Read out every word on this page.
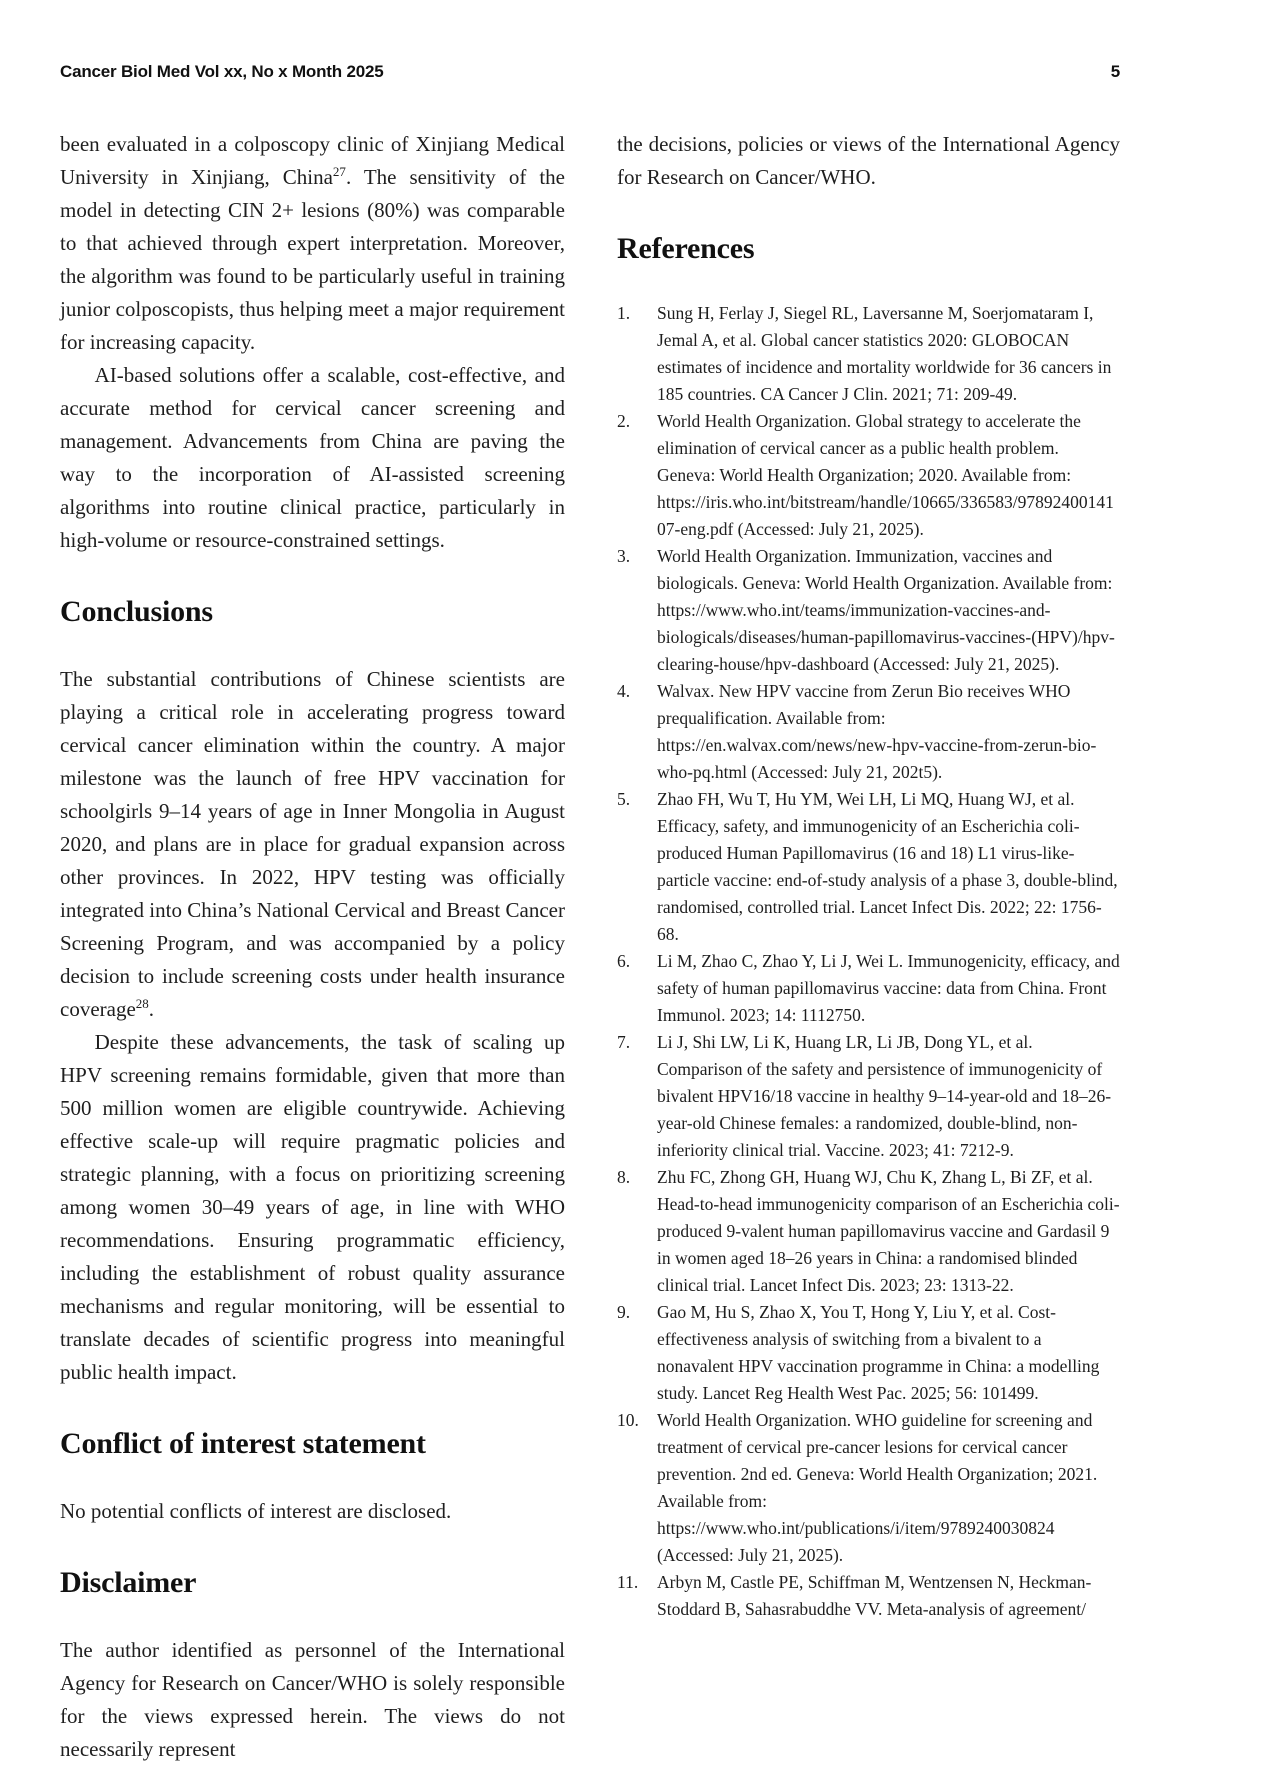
Cancer Biol Med Vol xx, No x Month 2025	5

been evaluated in a colposcopy clinic of Xinjiang Medical University in Xinjiang, China$^{27}$. The sensitivity of the model in detecting CIN 2+ lesions (80%) was comparable to that achieved through expert interpretation. Moreover, the algorithm was found to be particularly useful in training junior colposcopists, thus helping meet a major requirement for increasing capacity.

AI-based solutions offer a scalable, cost-effective, and accurate method for cervical cancer screening and management. Advancements from China are paving the way to the incorporation of AI-assisted screening algorithms into routine clinical practice, particularly in high-volume or resource-constrained settings.

Conclusions

The substantial contributions of Chinese scientists are playing a critical role in accelerating progress toward cervical cancer elimination within the country. A major milestone was the launch of free HPV vaccination for schoolgirls 9–14 years of age in Inner Mongolia in August 2020, and plans are in place for gradual expansion across other provinces. In 2022, HPV testing was officially integrated into China’s National Cervical and Breast Cancer Screening Program, and was accompanied by a policy decision to include screening costs under health insurance coverage$^{28}$.

Despite these advancements, the task of scaling up HPV screening remains formidable, given that more than 500 million women are eligible countrywide. Achieving effective scale-up will require pragmatic policies and strategic planning, with a focus on prioritizing screening among women 30–49 years of age, in line with WHO recommendations. Ensuring programmatic efficiency, including the establishment of robust quality assurance mechanisms and regular monitoring, will be essential to translate decades of scientific progress into meaningful public health impact.

Conflict of interest statement

No potential conflicts of interest are disclosed.

Disclaimer

The author identified as personnel of the International Agency for Research on Cancer/WHO is solely responsible for the views expressed herein. The views do not necessarily represent

the decisions, policies or views of the International Agency for Research on Cancer/WHO.

References
1.	Sung H, Ferlay J, Siegel RL, Laversanne M, Soerjomataram I, Jemal A, et al. Global cancer statistics 2020: GLOBOCAN estimates of incidence and mortality worldwide for 36 cancers in 185 countries. CA Cancer J Clin. 2021; 71: 209-49.
2.	World Health Organization. Global strategy to accelerate the elimination of cervical cancer as a public health problem. Geneva: World Health Organization; 2020. Available from: https://iris.who.int/bitstream/handle/10665/336583/9789240014107-eng.pdf (Accessed: July 21, 2025).
3.	World Health Organization. Immunization, vaccines and biologicals. Geneva: World Health Organization. Available from: https://www.who.int/teams/immunization-vaccines-and-biologicals/diseases/human-papillomavirus-vaccines-(HPV)/hpv-clearing-house/hpv-dashboard (Accessed: July 21, 2025).
4.	Walvax. New HPV vaccine from Zerun Bio receives WHO prequalification. Available from: https://en.walvax.com/news/new-hpv-vaccine-from-zerun-bio-who-pq.html (Accessed: July 21, 202t5).
5.	Zhao FH, Wu T, Hu YM, Wei LH, Li MQ, Huang WJ, et al. Efficacy, safety, and immunogenicity of an Escherichia coli-produced Human Papillomavirus (16 and 18) L1 virus-like-particle vaccine: end-of-study analysis of a phase 3, double-blind, randomised, controlled trial. Lancet Infect Dis. 2022; 22: 1756-68.
6.	Li M, Zhao C, Zhao Y, Li J, Wei L. Immunogenicity, efficacy, and safety of human papillomavirus vaccine: data from China. Front Immunol. 2023; 14: 1112750.
7.	Li J, Shi LW, Li K, Huang LR, Li JB, Dong YL, et al. Comparison of the safety and persistence of immunogenicity of bivalent HPV16/18 vaccine in healthy 9–14-year-old and 18–26-year-old Chinese females: a randomized, double-blind, non-inferiority clinical trial. Vaccine. 2023; 41: 7212-9.
8.	Zhu FC, Zhong GH, Huang WJ, Chu K, Zhang L, Bi ZF, et al. Head-to-head immunogenicity comparison of an Escherichia coli-produced 9-valent human papillomavirus vaccine and Gardasil 9 in women aged 18–26 years in China: a randomised blinded clinical trial. Lancet Infect Dis. 2023; 23: 1313-22.
9.	Gao M, Hu S, Zhao X, You T, Hong Y, Liu Y, et al. Cost-effectiveness analysis of switching from a bivalent to a nonavalent HPV vaccination programme in China: a modelling study. Lancet Reg Health West Pac. 2025; 56: 101499.
10.	World Health Organization. WHO guideline for screening and treatment of cervical pre-cancer lesions for cervical cancer prevention. 2nd ed. Geneva: World Health Organization; 2021. Available from: https://www.who.int/publications/i/item/9789240030824 (Accessed: July 21, 2025).
11.	Arbyn M, Castle PE, Schiffman M, Wentzensen N, Heckman-Stoddard B, Sahasrabuddhe VV. Meta-analysis of agreement/
